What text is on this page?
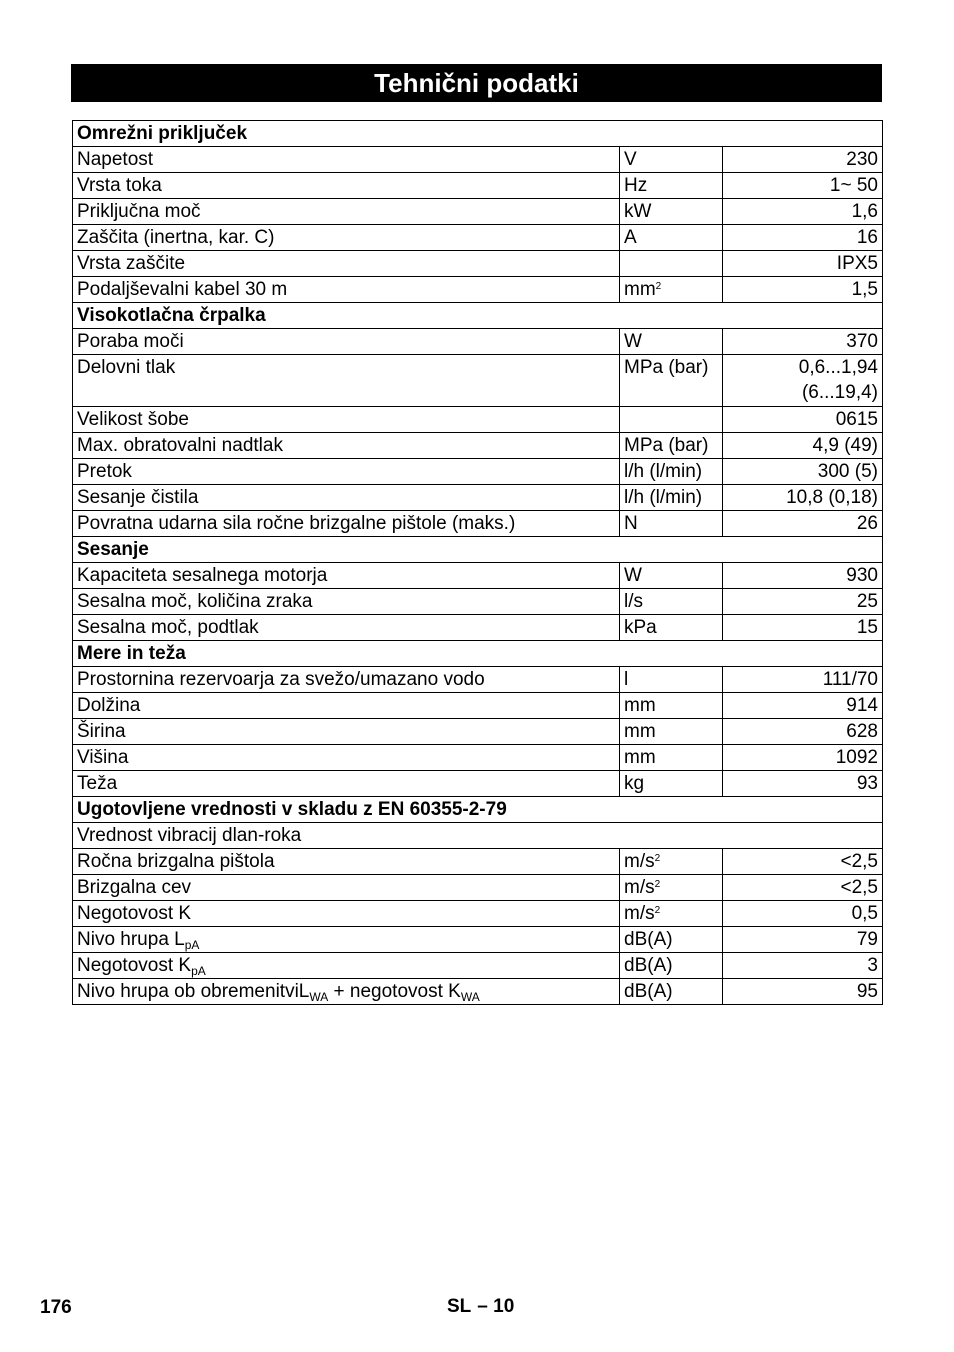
Tehnični podatki
Omrežni priključek		
Napetost	V	230
Vrsta toka	Hz	1~ 50
Priključna moč	kW	1,6
Zaščita (inertna, kar. C)	A	16
Vrsta zaščite		IPX5
Podaljševalni kabel 30 m	$mm^2$	1,5
Visokotlačna črpalka		
Poraba moči	W	370
Delovni tlak	MPa (bar)	0,6...1,94
(6...19,4)
Velikost šobe		0615
Max. obratovalni nadtlak	MPa (bar)	4,9 (49)
Pretok	l/h (l/min)	300 (5)
Sesanje čistila	l/h (l/min)	10,8 (0,18)
Povratna udarna sila ročne brizgalne pištole (maks.)	N	26
Sesanje		
Kapaciteta sesalnega motorja	W	930
Sesalna moč, količina zraka	l/s	25
Sesalna moč, podtlak	kPa	15
Mere in teža		
Prostornina rezervoarja za svežo/umazano vodo	l	111/70
Dolžina	mm	914
Širina	mm	628
Višina	mm	1092
Teža	kg	93
Ugotovljene vrednosti v skladu z EN 60355-2-79		
Vrednost vibracij dlan-roka		
Ročna brizgalna pištola	$m/s^2$	<2,5
Brizgalna cev	$m/s^2$	<2,5
Negotovost K	$m/s^2$	0,5
Nivo hrupa $L_{pA}$	dB(A)	79
Negotovost $K_{pA}$	dB(A)	3
Nivo hrupa ob obremenitviL$_{WA}$ + negotovost $K_{WA}$	dB(A)	95
176	SL – 10
